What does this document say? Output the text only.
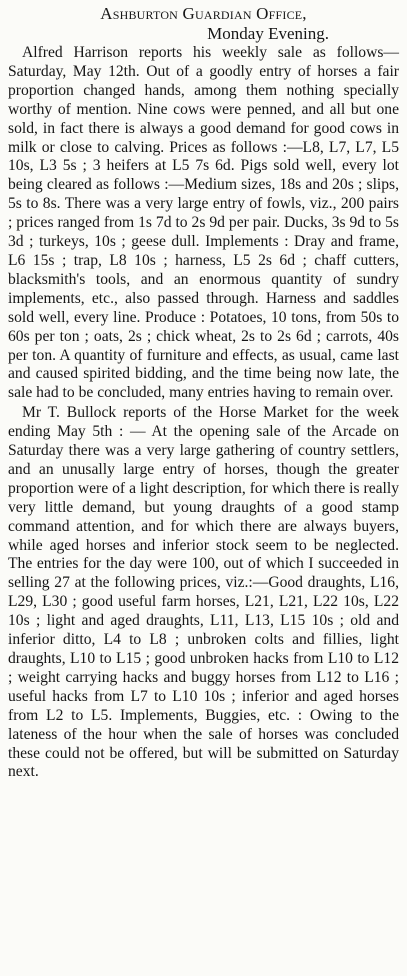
Ashburton Guardian Office,

Monday Evening.

Alfred Harrison reports his weekly sale as follows—Saturday, May 12th. Out of a goodly entry of horses a fair proportion changed hands, among them nothing specially worthy of mention. Nine cows were penned, and all but one sold, in fact there is always a good demand for good cows in milk or close to calving. Prices as follows :—L8, L7, L7, L5 10s, L3 5s ; 3 heifers at L5 7s 6d. Pigs sold well, every lot being cleared as follows :—Medium sizes, 18s and 20s ; slips, 5s to 8s. There was a very large entry of fowls, viz., 200 pairs ; prices ranged from 1s 7d to 2s 9d per pair. Ducks, 3s 9d to 5s 3d ; turkeys, 10s ; geese dull. Implements : Dray and frame, L6 15s ; trap, L8 10s ; harness, L5 2s 6d ; chaff cutters, blacksmith's tools, and an enormous quantity of sundry implements, etc., also passed through. Harness and saddles sold well, every line. Produce : Potatoes, 10 tons, from 50s to 60s per ton ; oats, 2s ; chick wheat, 2s to 2s 6d ; carrots, 40s per ton. A quantity of furniture and effects, as usual, came last and caused spirited bidding, and the time being now late, the sale had to be concluded, many entries having to remain over.

Mr T. Bullock reports of the Horse Market for the week ending May 5th : — At the opening sale of the Arcade on Saturday there was a very large gathering of country settlers, and an unusally large entry of horses, though the greater proportion were of a light description, for which there is really very little demand, but young draughts of a good stamp command attention, and for which there are always buyers, while aged horses and inferior stock seem to be neglected. The entries for the day were 100, out of which I succeeded in selling 27 at the following prices, viz.:—Good draughts, L16, L29, L30 ; good useful farm horses, L21, L21, L22 10s, L22 10s ; light and aged draughts, L11, L13, L15 10s ; old and inferior ditto, L4 to L8 ; unbroken colts and fillies, light draughts, L10 to L15 ; good unbroken hacks from L10 to L12 ; weight carrying hacks and buggy horses from L12 to L16 ; useful hacks from L7 to L10 10s ; inferior and aged horses from L2 to L5. Implements, Buggies, etc. : Owing to the lateness of the hour when the sale of horses was concluded these could not be offered, but will be submitted on Saturday next.
